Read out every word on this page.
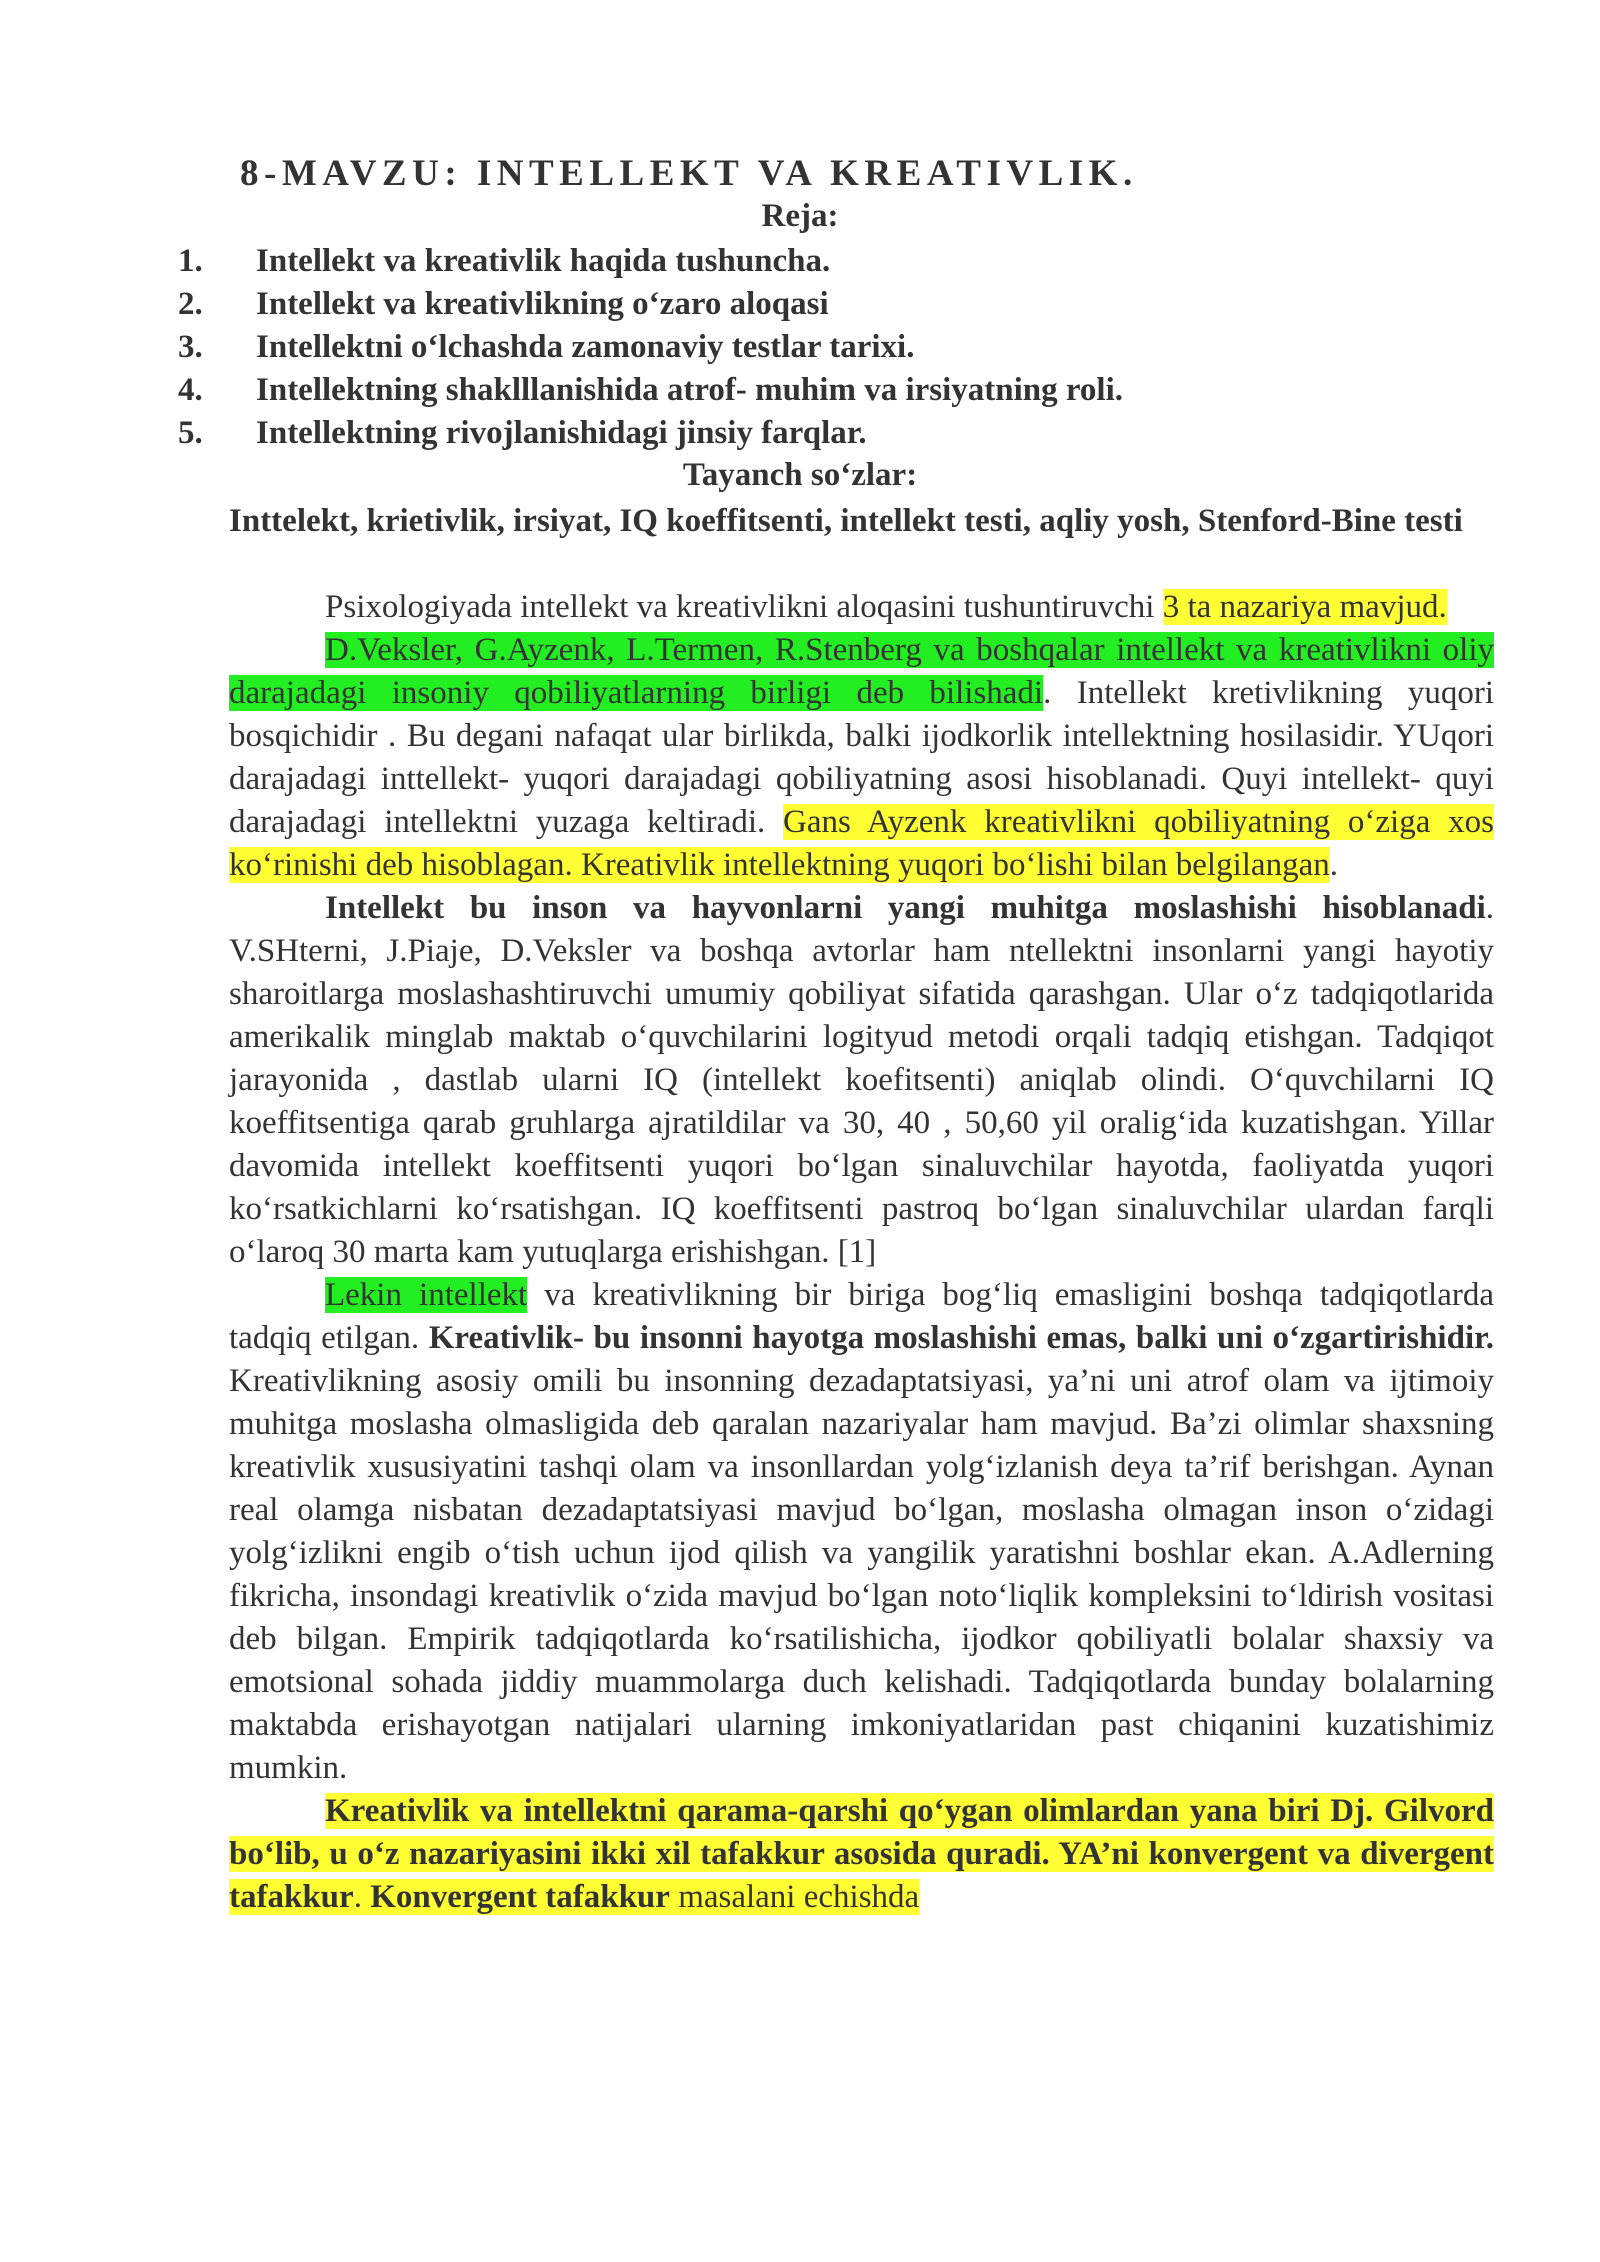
8-MAVZU: INTELLEKT VA KREATIVLIK.
Reja:
1.	Intellekt va kreativlik haqida tushuncha.
2.	Intellekt va kreativlikning o‘zaro aloqasi
3.	Intellektni o‘lchashda zamonaviy testlar tarixi.
4.	Intellektning shaklllanishida atrof- muhim va irsiyatning roli.
5.	Intellektning rivojlanishidagi jinsiy farqlar.
Tayanch so‘zlar:
Inttelekt, krietivlik, irsiyat, IQ koeffitsenti, intellekt testi, aqliy yosh, Stenford-Bine testi

Psixologiyada intellekt va kreativlikni aloqasini tushuntiruvchi 3 ta nazariya mavjud.

D.Veksler, G.Ayzenk, L.Termen, R.Stenberg va boshqalar intellekt va kreativlikni oliy darajadagi insoniy qobiliyatlarning birligi deb bilishadi. Intellekt kretivlikning yuqori bosqichidir . Bu degani nafaqat ular birlikda, balki ijodkorlik intellektning hosilasidir. YUqori darajadagi inttellekt- yuqori darajadagi qobiliyatning asosi hisoblanadi. Quyi intellekt- quyi darajadagi intellektni yuzaga keltiradi. Gans Ayzenk kreativlikni qobiliyatning o‘ziga xos ko‘rinishi deb hisoblagan. Kreativlik intellektning yuqori bo‘lishi bilan belgilangan.

Intellekt bu inson va hayvonlarni yangi muhitga moslashishi hisoblanadi. V.SHterni, J.Piaje, D.Veksler va boshqa avtorlar ham ntellektni insonlarni yangi hayotiy sharoitlarga moslashashtiruvchi umumiy qobiliyat sifatida qarashgan. Ular o‘z tadqiqotlarida amerikalik minglab maktab o‘quvchilarini logityud metodi orqali tadqiq etishgan. Tadqiqot jarayonida , dastlab ularni IQ (intellekt koefitsenti) aniqlab olindi. O‘quvchilarni IQ koeffitsentiga qarab gruhlarga ajratildilar va 30, 40 , 50,60 yil oralig‘ida kuzatishgan. Yillar davomida intellekt koeffitsenti yuqori bo‘lgan sinaluvchilar hayotda, faoliyatda yuqori ko‘rsatkichlarni ko‘rsatishgan. IQ koeffitsenti pastroq bo‘lgan sinaluvchilar ulardan farqli o‘laroq 30 marta kam yutuqlarga erishishgan. [1]

Lekin intellekt va kreativlikning bir biriga bog‘liq emasligini boshqa tadqiqotlarda tadqiq etilgan. Kreativlik- bu insonni hayotga moslashishi emas, balki uni o‘zgartirishidir. Kreativlikning asosiy omili bu insonning dezadaptatsiyasi, ya’ni uni atrof olam va ijtimoiy muhitga moslasha olmasligida deb qaralan nazariyalar ham mavjud. Ba’zi olimlar shaxsning kreativlik xususiyatini tashqi olam va insonllardan yolg‘izlanish deya ta’rif berishgan. Aynan real olamga nisbatan dezadaptatsiyasi mavjud bo‘lgan, moslasha olmagan inson o‘zidagi yolg‘izlikni engib o‘tish uchun ijod qilish va yangilik yaratishni boshlar ekan. A.Adlerning fikricha, insondagi kreativlik o‘zida mavjud bo‘lgan noto‘liqlik kompleksini to‘ldirish vositasi deb bilgan. Empirik tadqiqotlarda ko‘rsatilishicha, ijodkor qobiliyatli bolalar shaxsiy va emotsional sohada jiddiy muammolarga duch kelishadi. Tadqiqotlarda bunday bolalarning maktabda erishayotgan natijalari ularning imkoniyatlaridan past chiqanini kuzatishimiz mumkin.

Kreativlik va intellektni qarama-qarshi qo‘ygan olimlardan yana biri Dj. Gilvord bo‘lib, u o‘z nazariyasini ikki xil tafakkur asosida quradi. YA’ni konvergent va divergent tafakkur. Konvergent tafakkur masalani echishda
